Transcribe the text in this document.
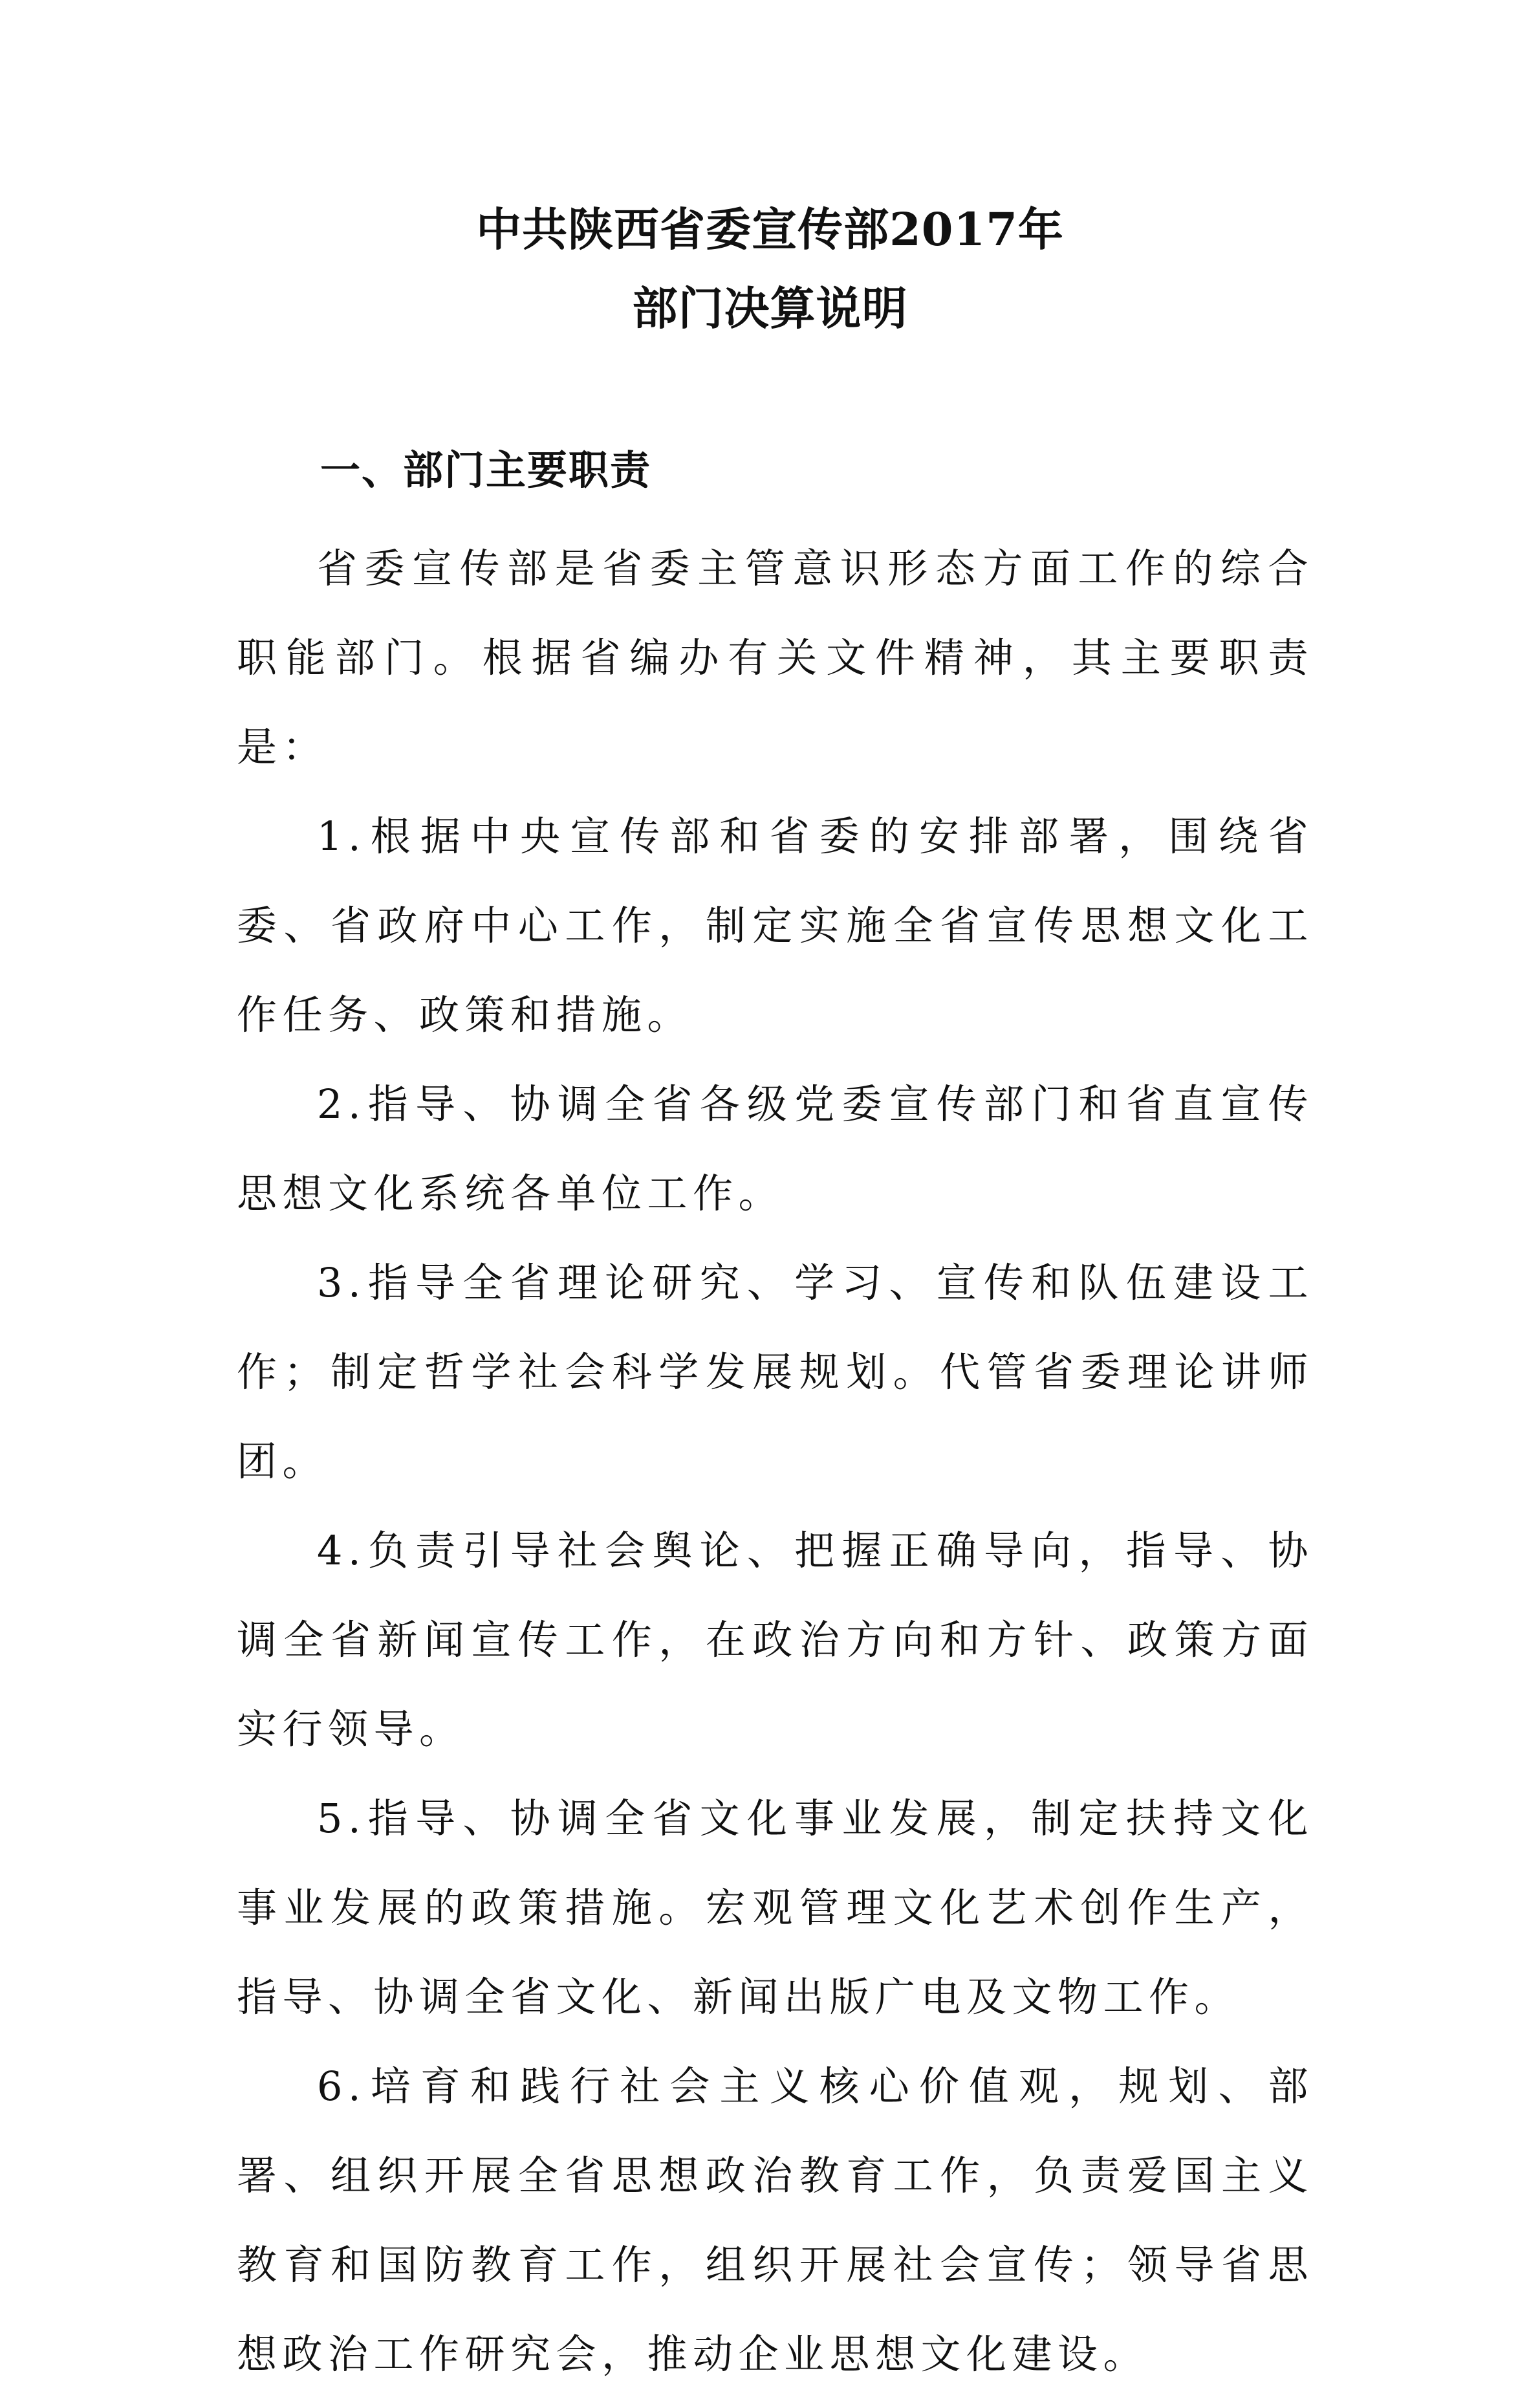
中共陕西省委宣传部2017年
部门决算说明
一、部门主要职责

省委宣传部是省委主管意识形态方面工作的综合职能部门。根据省编办有关文件精神，其主要职责是：

1.根据中央宣传部和省委的安排部署，围绕省委、省政府中心工作，制定实施全省宣传思想文化工作任务、政策和措施。

2.指导、协调全省各级党委宣传部门和省直宣传思想文化系统各单位工作。

3.指导全省理论研究、学习、宣传和队伍建设工作；制定哲学社会科学发展规划。代管省委理论讲师团。

4.负责引导社会舆论、把握正确导向，指导、协调全省新闻宣传工作，在政治方向和方针、政策方面实行领导。

5.指导、协调全省文化事业发展，制定扶持文化事业发展的政策措施。宏观管理文化艺术创作生产，指导、协调全省文化、新闻出版广电及文物工作。

6.培育和践行社会主义核心价值观，规划、部署、组织开展全省思想政治教育工作，负责爱国主义教育和国防教育工作，组织开展社会宣传；领导省思想政治工作研究会，推动企业思想文化建设。
